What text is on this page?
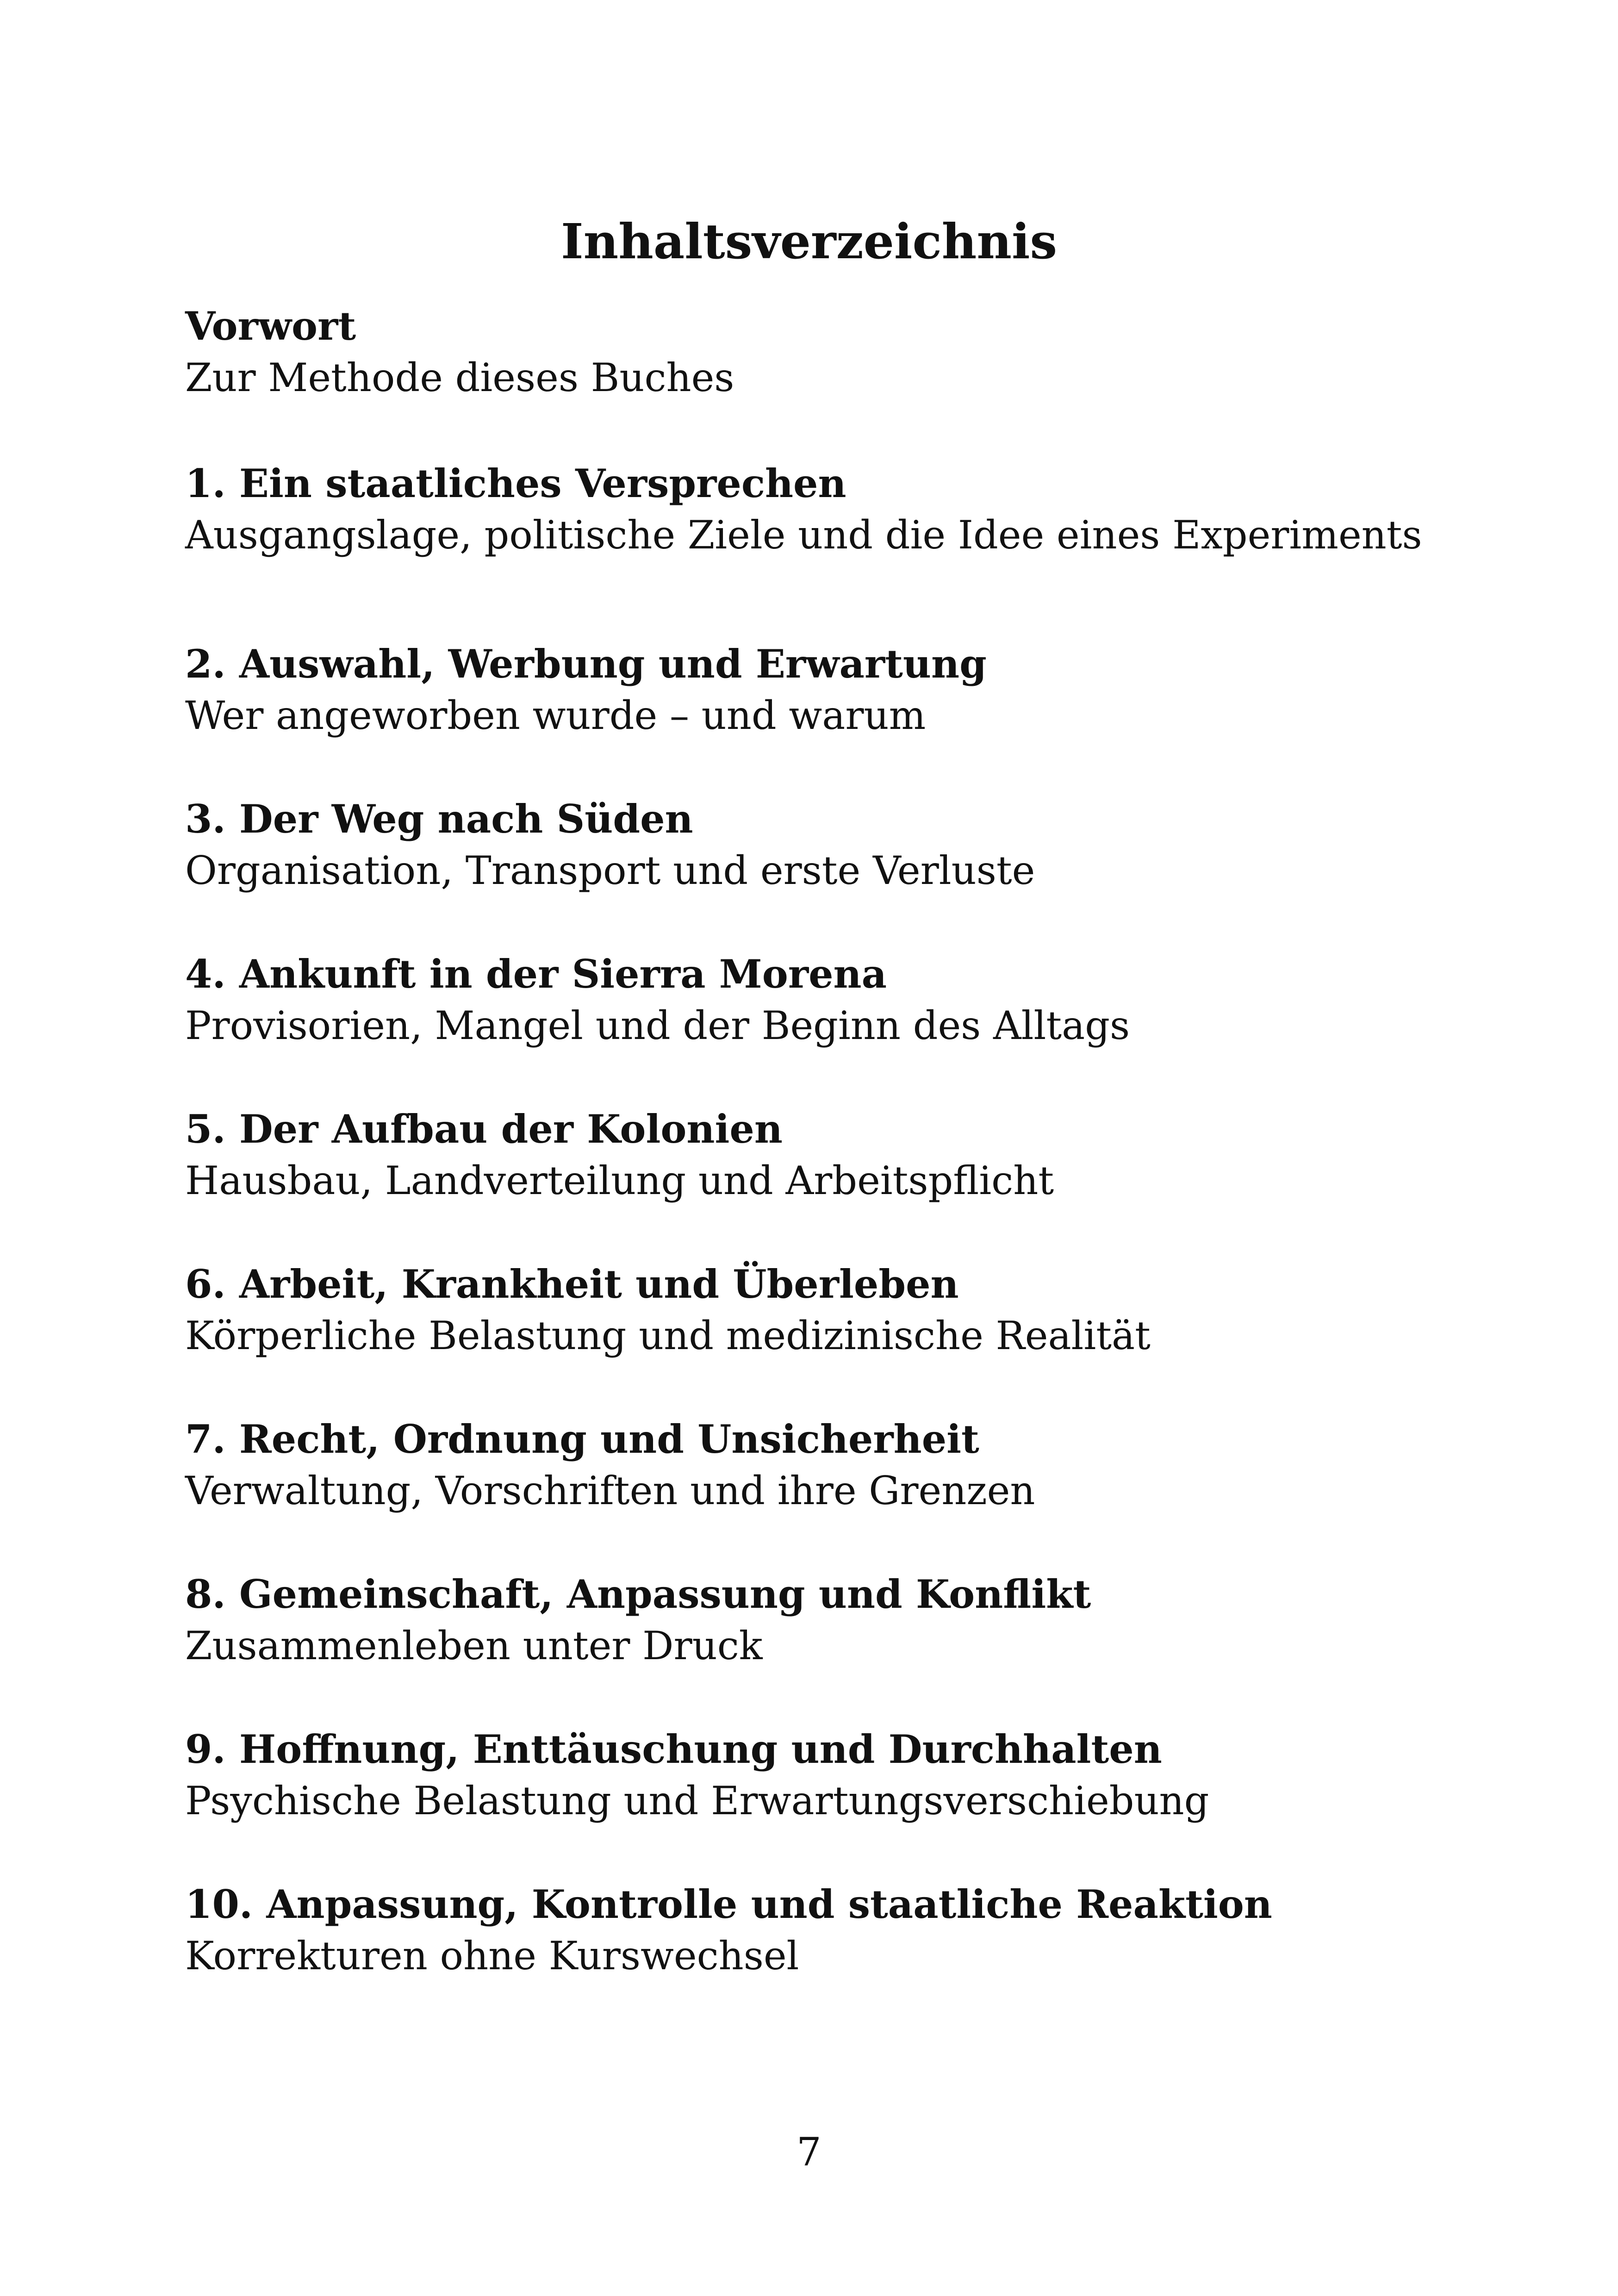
Inhaltsverzeichnis
Vorwort
Zur Methode dieses Buches
1. Ein staatliches Versprechen
Ausgangslage, politische Ziele und die Idee eines Experiments
2. Auswahl, Werbung und Erwartung
Wer angeworben wurde – und warum
3. Der Weg nach Süden
Organisation, Transport und erste Verluste
4. Ankunft in der Sierra Morena
Provisorien, Mangel und der Beginn des Alltags
5. Der Aufbau der Kolonien
Hausbau, Landverteilung und Arbeitspflicht
6. Arbeit, Krankheit und Überleben
Körperliche Belastung und medizinische Realität
7. Recht, Ordnung und Unsicherheit
Verwaltung, Vorschriften und ihre Grenzen
8. Gemeinschaft, Anpassung und Konflikt
Zusammenleben unter Druck
9. Hoffnung, Enttäuschung und Durchhalten
Psychische Belastung und Erwartungsverschiebung
10. Anpassung, Kontrolle und staatliche Reaktion
Korrekturen ohne Kurswechsel
7
